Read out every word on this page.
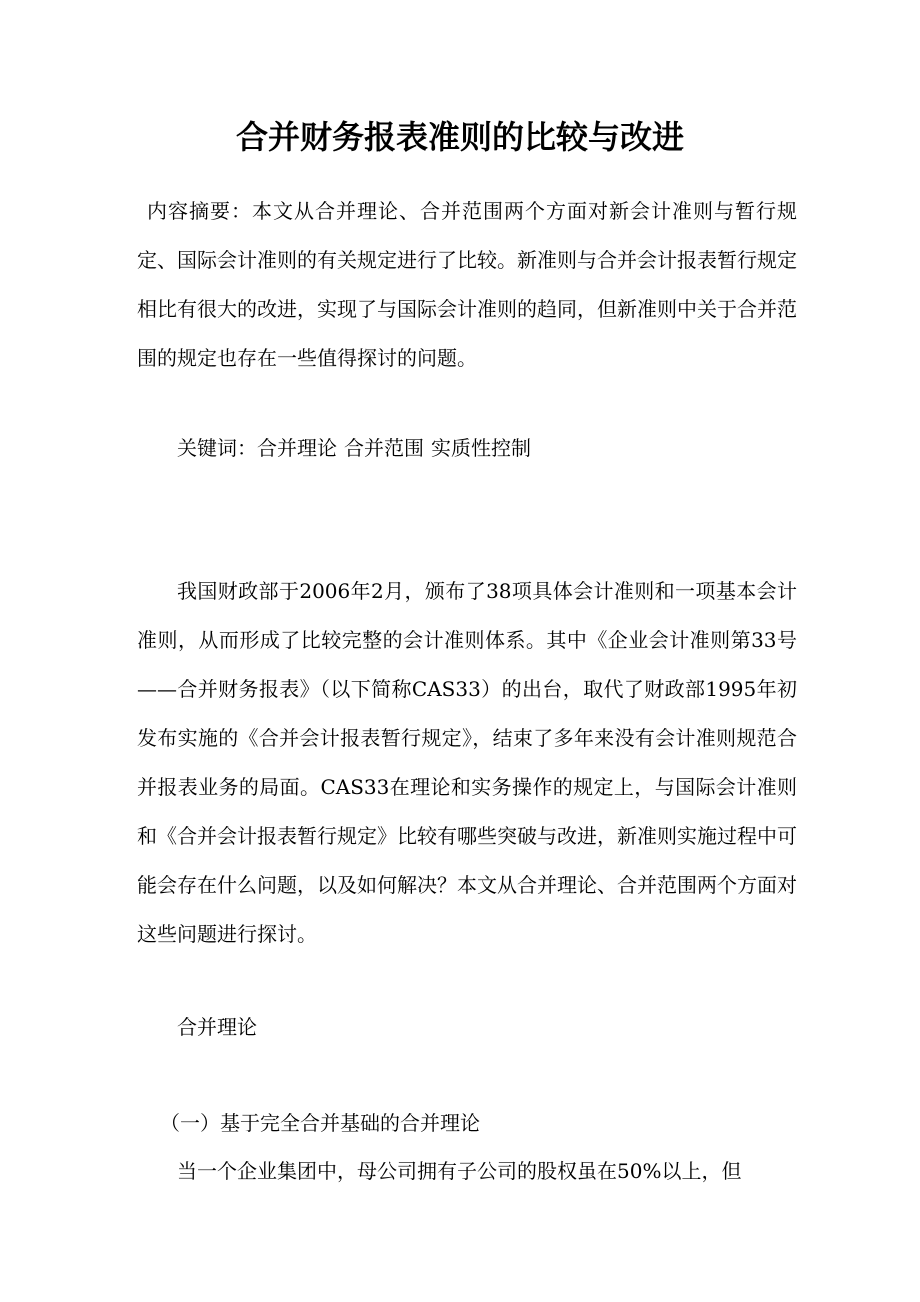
合并财务报表准则的比较与改进

内容摘要：本文从合并理论、合并范围两个方面对新会计准则与暂行规定、国际会计准则的有关规定进行了比较。新准则与合并会计报表暂行规定相比有很大的改进，实现了与国际会计准则的趋同，但新准则中关于合并范围的规定也存在一些值得探讨的问题。

关键词：合并理论 合并范围 实质性控制

我国财政部于2006年2月，颁布了38项具体会计准则和一项基本会计准则，从而形成了比较完整的会计准则体系。其中《企业会计准则第33号——合并财务报表》（以下简称CAS33）的出台，取代了财政部1995年初发布实施的《合并会计报表暂行规定》，结束了多年来没有会计准则规范合并报表业务的局面。CAS33在理论和实务操作的规定上，与国际会计准则和《合并会计报表暂行规定》比较有哪些突破与改进，新准则实施过程中可能会存在什么问题，以及如何解决？本文从合并理论、合并范围两个方面对这些问题进行探讨。

合并理论

（一）基于完全合并基础的合并理论

当一个企业集团中，母公司拥有子公司的股权虽在50%以上，但
